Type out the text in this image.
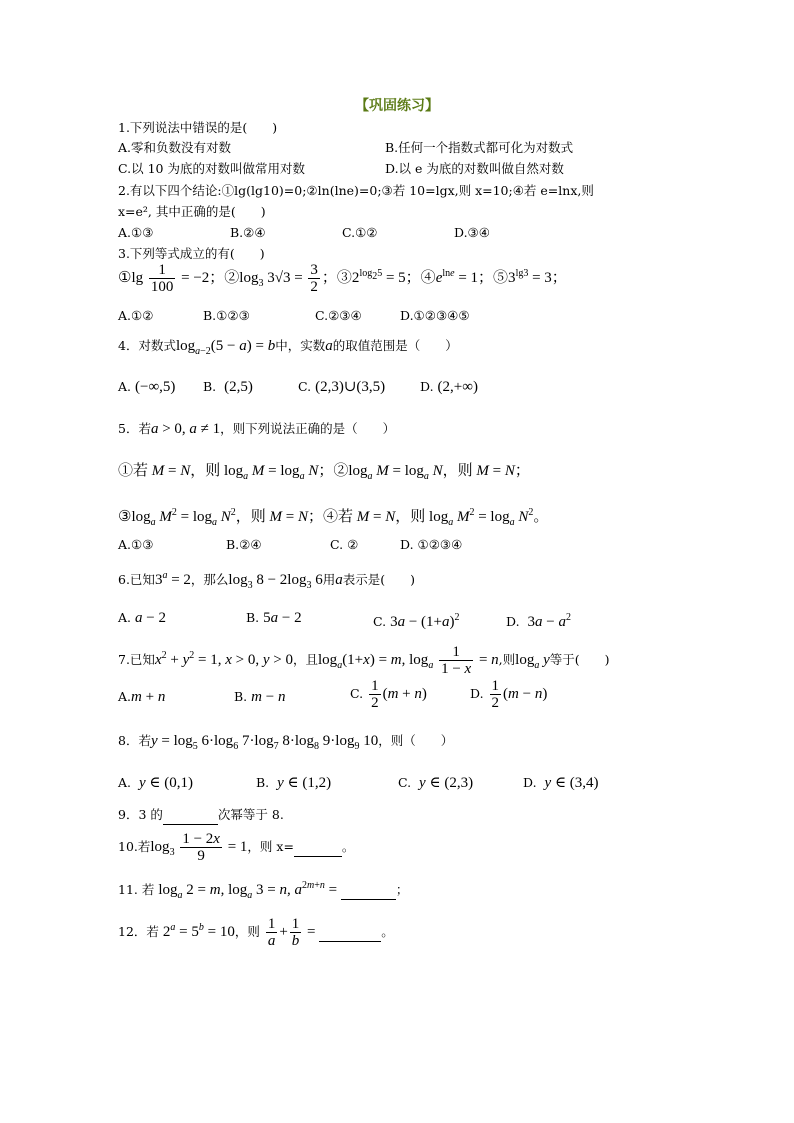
【巩固练习】
1.下列说法中错误的是(　　)
A.零和负数没有对数	B.任何一个指数式都可化为对数式
C.以 10 为底的对数叫做常用对数	D.以 e 为底的对数叫做自然对数
2.有以下四个结论:①lg(lg10)=0;②ln(lne)=0;③若 10=lgx,则 x=10;④若 e=lnx,则
x=e², 其中正确的是(　　)
A.①③	B.②④	C.①②	D.③④
3.下列等式成立的有(　　)
①lg $\frac{1}{100} = -2$；$②\log_3$ $3√3 = \frac{3}{2}$ ；$③2^{log_25} = 5$；$④e^{lne} = 1$；$⑤3^{lg3} = 3$；
A.①②	B.①②③	C.②③④	D.①②③④⑤
4．对数式$\log_{a-2}(5 - a) = b$中，实数a的取值范围是（　　）
A. (−∞,5) B. (2,5)	C. (2,3)∪(3,5)	D. (2,+∞)
5．若a > 0, a ≠ 1，则下列说法正确的是（　　）
①若 M = N，则 $\log_a M = \log_a N$；$②\log_a$ $M = \log_a N$，则 M = N；
$③\log_a$ $M^2 = \log_a N^2$，则 M = N；④若 M = N，则 $\log_a M^2 = \log_a N^2$。
A.①③	B.②④	C. ②	D. ①②③④
6.已知$3^a = 2$，那么$\log_3 8 - 2\log_3$ 6用a表示是(　　)
A. a − 2	B. 5a − 2	C. $3a - (1+a)^2$	D. $3a - a^2$
7.已知$x^2 + y^2 = 1$, x > 0, y > 0，且$\log_a(1+x) = m$, $\log_a \frac{1}{1 - x} = n$,则$\log_a y$等于(　　)
A.m + n	B. m − n	C. $\frac{1}{2} (m + n)$	D. $\frac{1}{2} (m - n)$
8．若$y = \log_5 6\cdot\log_6$ $7\cdot\log_7$ $8\cdot\log_8$ $9\cdot\log_9$ 10，则（　　）
A. y ∈ (0,1)	B. y ∈ (1,2)	C. y ∈ (2,3)	D. y ∈ (3,4)
9．3 的	次幂等于 8.
10.若$\log_3 \frac{1 - 2x}{9} = 1$，则 x=	。
11. 若 $\log_a 2 = m$, $\log_a 3 = n$, $a^{2m+n}$ =	；
12．若 $2^a = 5^b = 10$，则 $\frac{1}{a} + \frac{1}{b}$ =	。
